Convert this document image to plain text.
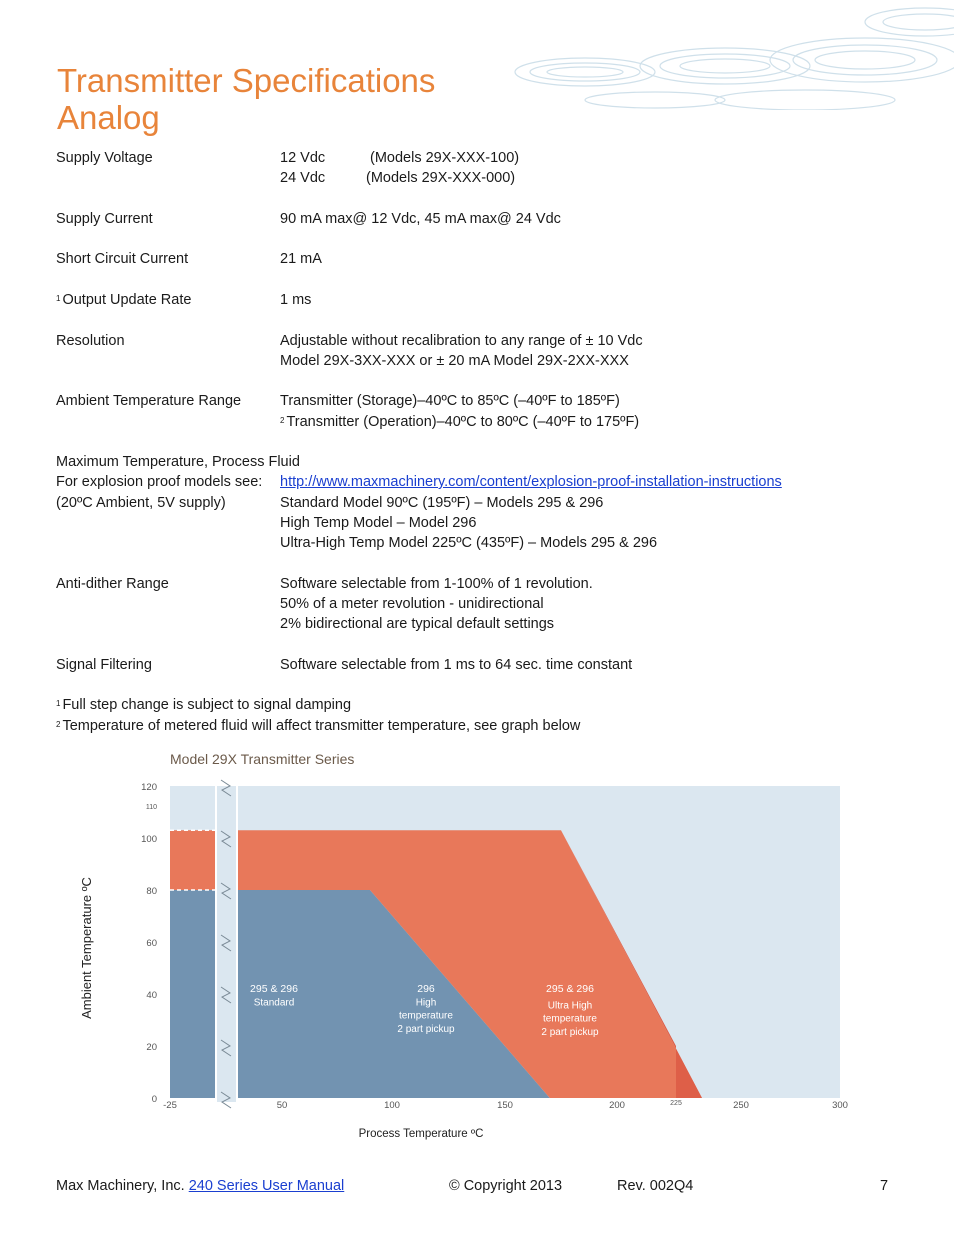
Transmitter Specifications
Analog
Supply Voltage	12 Vdc	(Models 29X-XXX-100)
24 Vdc	(Models 29X-XXX-000)
Supply Current	90 mA max@ 12 Vdc, 45 mA max@ 24 Vdc
Short Circuit Current	21 mA
$^1$ Output Update Rate	1 ms
Resolution	Adjustable without recalibration to any range of ± 10 Vdc
Model 29X-3XX-XXX or ± 20 mA Model 29X-2XX-XXX
Ambient Temperature Range	Transmitter (Storage)–40ºC to 85ºC (–40ºF to 185ºF)
$^2$ Transmitter (Operation)–40ºC to 80ºC (–40ºF to 175ºF)
Maximum Temperature, Process Fluid
For explosion proof models see: http://www.maxmachinery.com/content/explosion-proof-installation-instructions
(20ºC Ambient, 5V supply)	Standard Model 90ºC (195ºF) – Models 295 & 296
High Temp Model – Model 296
Ultra-High Temp Model 225ºC (435ºF) – Models 295 & 296
Anti-dither Range	Software selectable from 1-100% of 1 revolution.
50% of a meter revolution - unidirectional
2% bidirectional are typical default settings
Signal Filtering	Software selectable from 1 ms to 64 sec. time constant
$^1$ Full step change is subject to signal damping
$^2$ Temperature of metered fluid will affect transmitter temperature, see graph below
Model 29X Transmitter Series
0
20
40
60
80
100
110
120
-25	50	100	150	200	225	250	300
Process Temperature ºC
Ambient Temperature ºC	295 & 296
Standard
296
High
temperature
2 part pickup
295 & 296
Ultra High
temperature
2 part pickup
Max Machinery, Inc. 240 Series User Manual	© Copyright 2013	Rev. 002Q4	7
